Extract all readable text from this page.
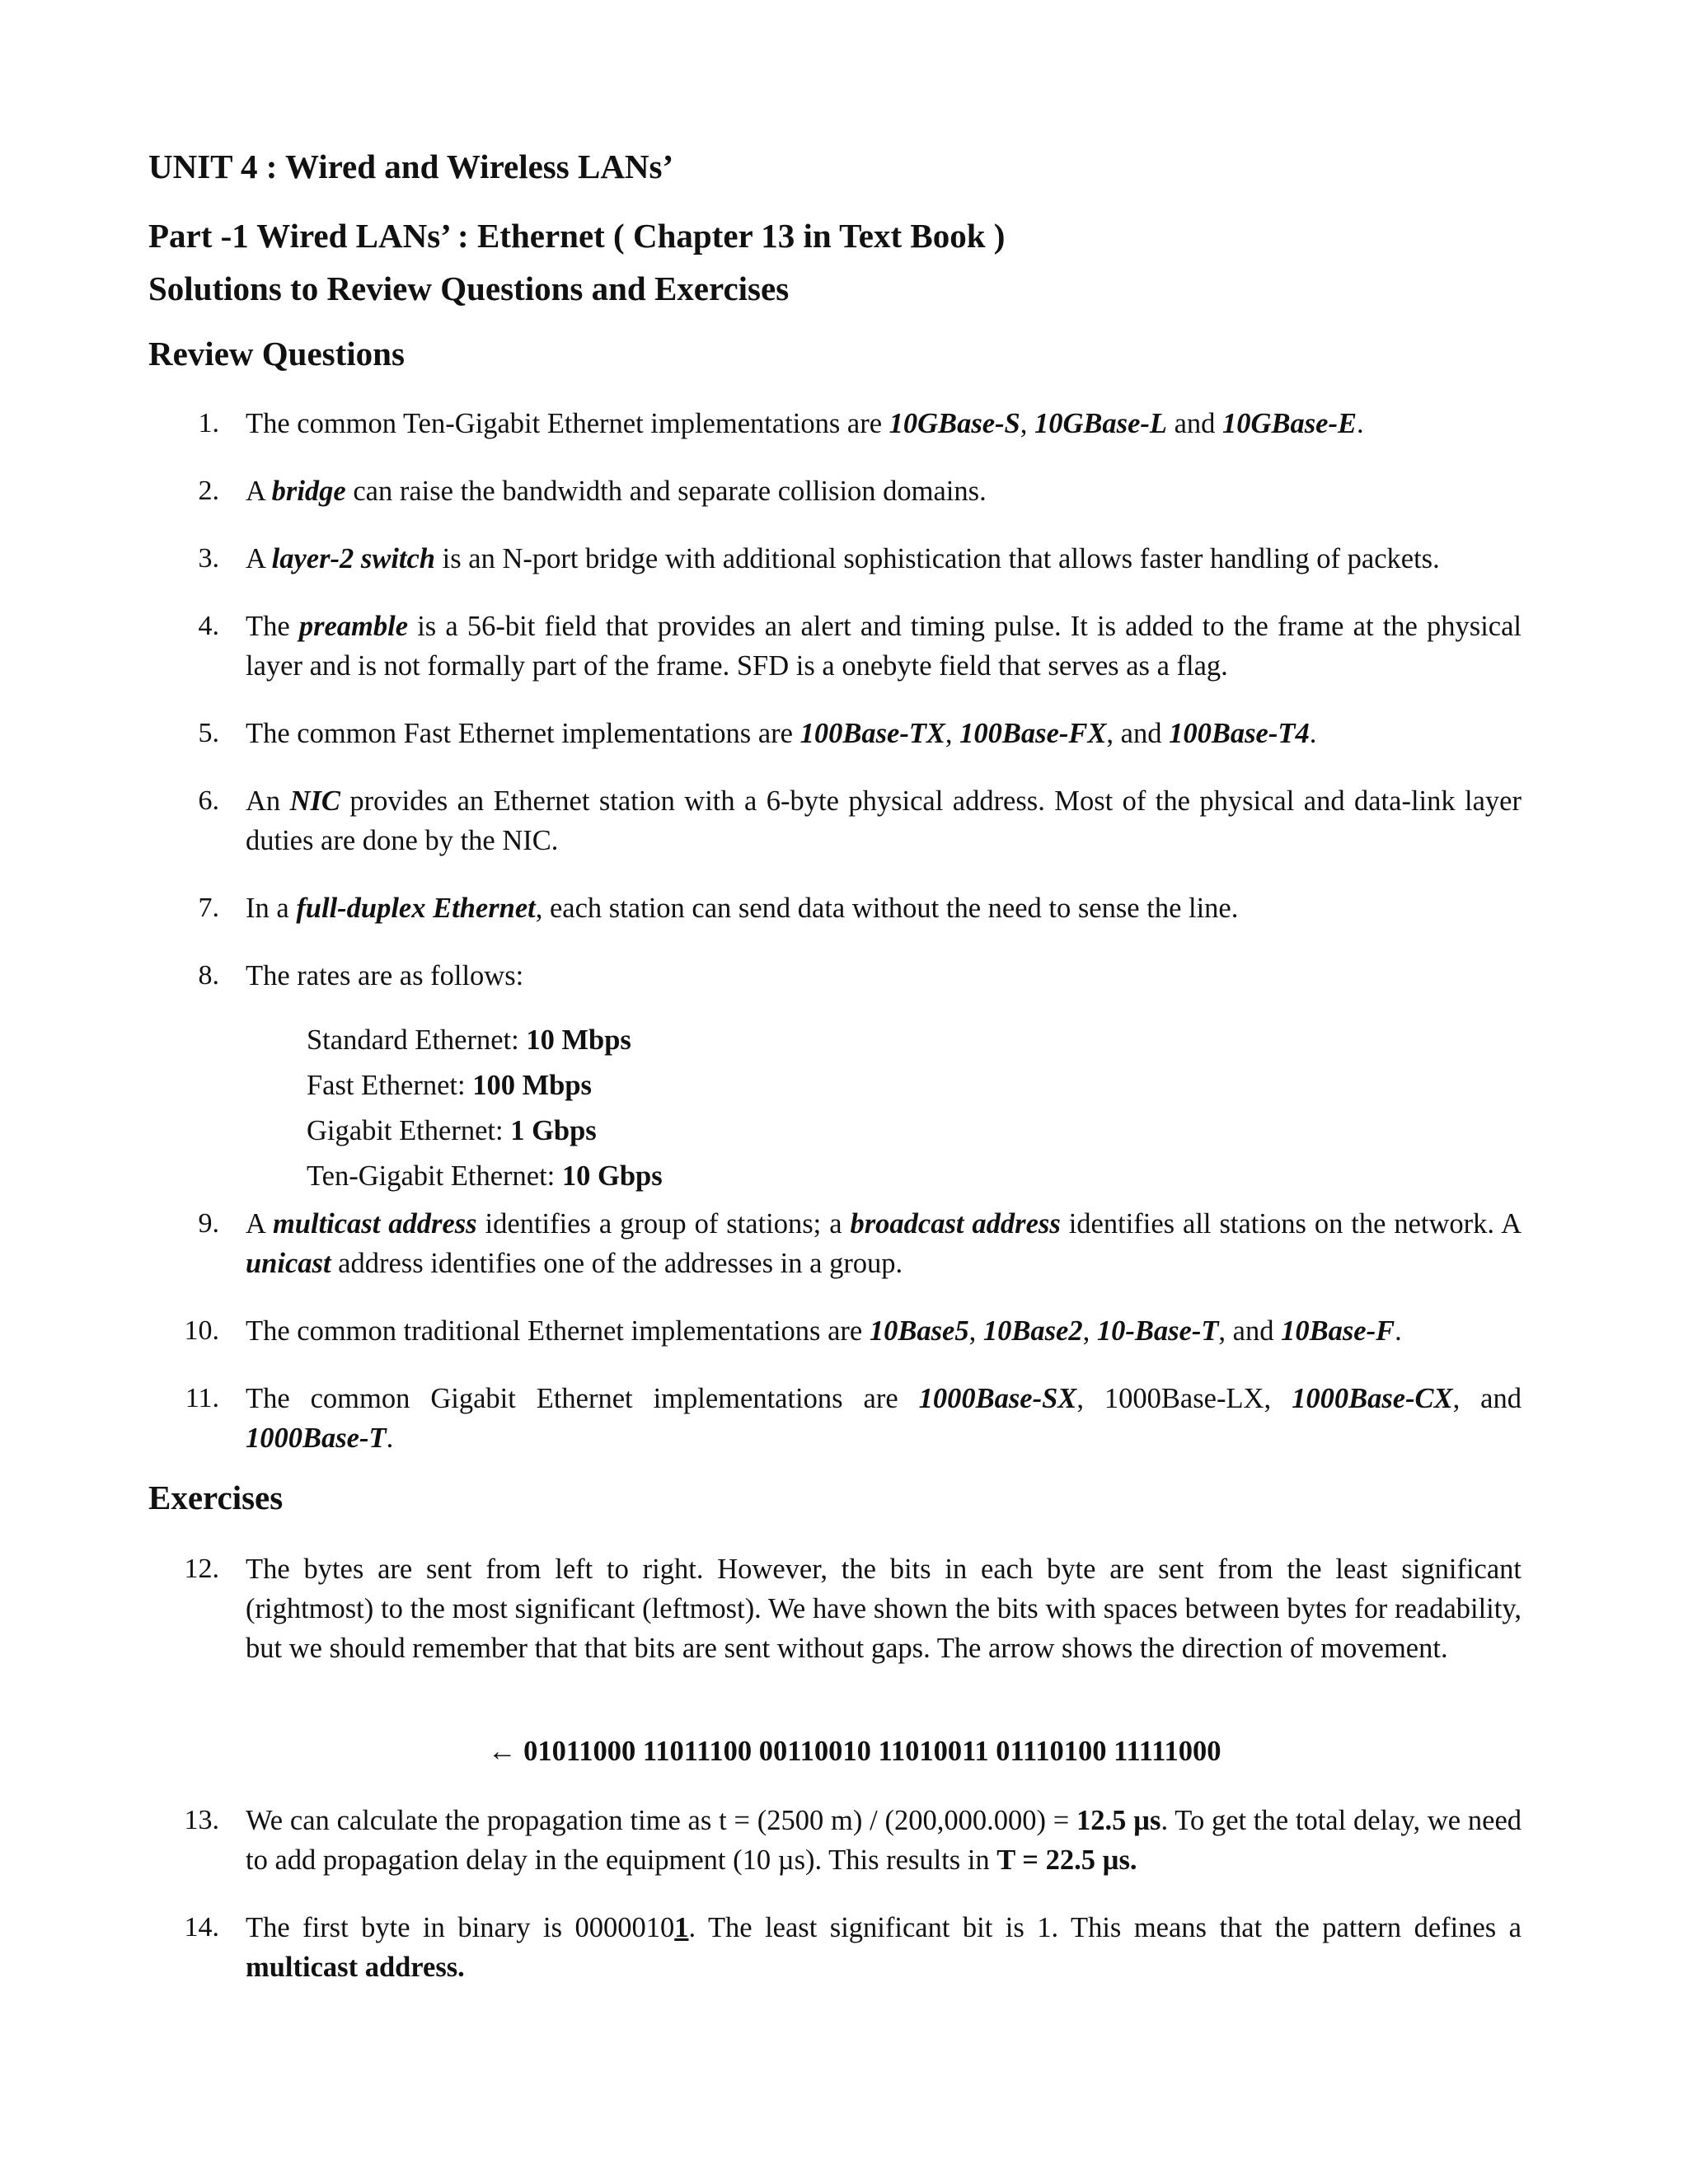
UNIT 4 : Wired and Wireless LANs’

Part -1 Wired LANs’ : Ethernet ( Chapter 13 in Text Book )

Solutions to Review Questions and Exercises

Review Questions

1. The common Ten-Gigabit Ethernet implementations are 10GBase-S, 10GBase-L and 10GBase-E.

2. A bridge can raise the bandwidth and separate collision domains.

3. A layer-2 switch is an N-port bridge with additional sophistication that allows faster handling of packets.

4. The preamble is a 56-bit field that provides an alert and timing pulse. It is added to the frame at the physical layer and is not formally part of the frame. SFD is a onebyte field that serves as a flag.

5. The common Fast Ethernet implementations are 100Base-TX, 100Base-FX, and 100Base-T4.

6. An NIC provides an Ethernet station with a 6-byte physical address. Most of the physical and data-link layer duties are done by the NIC.

7. In a full-duplex Ethernet, each station can send data without the need to sense the line.

8. The rates are as follows:

Standard Ethernet: 10 Mbps

Fast Ethernet: 100 Mbps

Gigabit Ethernet: 1 Gbps

Ten-Gigabit Ethernet: 10 Gbps

9. A multicast address identifies a group of stations; a broadcast address identifies all stations on the network. A unicast address identifies one of the addresses in a group.

10. The common traditional Ethernet implementations are 10Base5, 10Base2, 10-Base-T, and 10Base-F.

11. The common Gigabit Ethernet implementations are 1000Base-SX, 1000Base-LX, 1000Base-CX, and 1000Base-T.

Exercises

12. The bytes are sent from left to right. However, the bits in each byte are sent from the least significant (rightmost) to the most significant (leftmost). We have shown the bits with spaces between bytes for readability, but we should remember that that bits are sent without gaps. The arrow shows the direction of movement.

← 01011000 11011100 00110010 11010011 01110100 11111000

13. We can calculate the propagation time as t = (2500 m) / (200,000.000) = 12.5 µs. To get the total delay, we need to add propagation delay in the equipment (10 µs). This results in T = 22.5 µs.

14. The first byte in binary is 00000101. The least significant bit is 1. This means that the pattern defines a multicast address.
